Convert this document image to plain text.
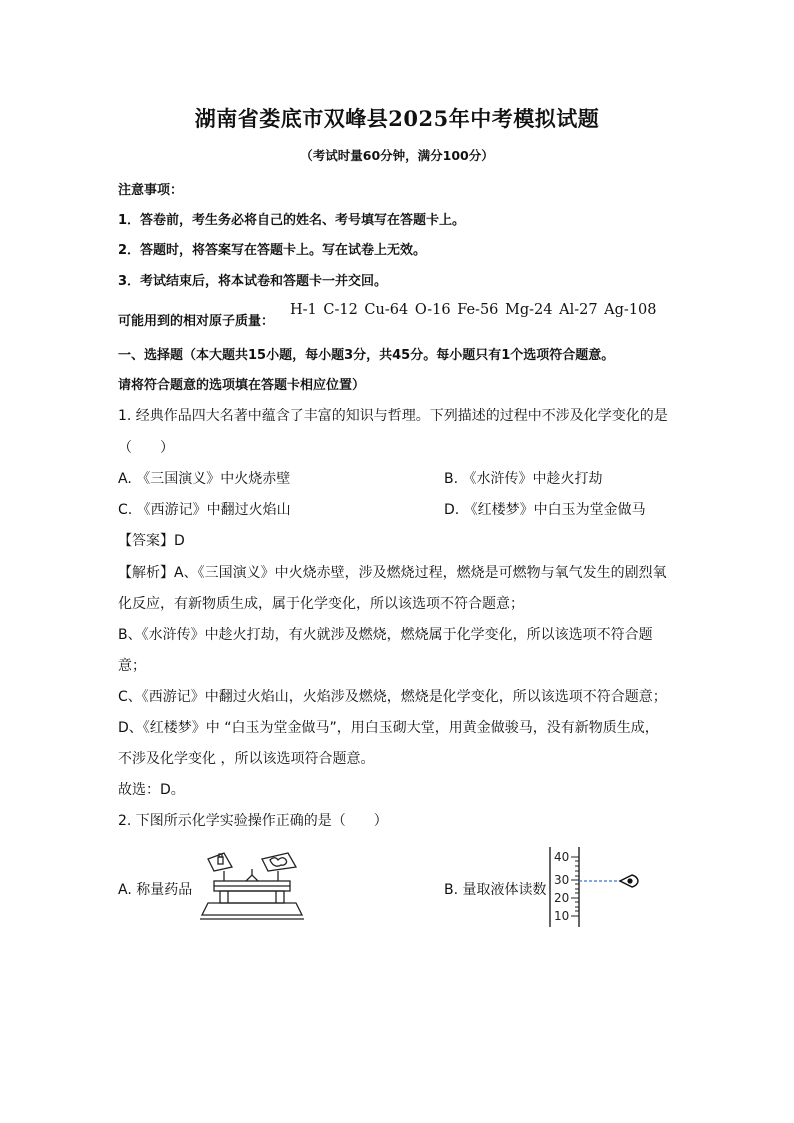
湖南省娄底市双峰县2025年中考模拟试题
（考试时量60分钟，满分100分）
注意事项：
1．答卷前，考生务必将自己的姓名、考号填写在答题卡上。
2．答题时，将答案写在答题卡上。写在试卷上无效。
3．考试结束后，将本试卷和答题卡一并交回。
可能用到的相对原子质量：
H-1 C-12 Cu-64 O-16 Fe-56 Mg-24 Al-27 Ag-108
一、选择题（本大题共15小题，每小题3分，共45分。每小题只有1个选项符合题意。
请将符合题意的选项填在答题卡相应位置）
1. 经典作品四大名著中蕴含了丰富的知识与哲理。下列描述的过程中不涉及化学变化的是
（　　）
A. 《三国演义》中火烧赤壁	B. 《水浒传》中趁火打劫
C. 《西游记》中翻过火焰山	D. 《红楼梦》中白玉为堂金做马
【答案】D
【解析】A、《三国演义》中火烧赤壁，涉及燃烧过程，燃烧是可燃物与氧气发生的剧烈氧
化反应，有新物质生成，属于化学变化，所以该选项不符合题意；
B、《水浒传》中趁火打劫，有火就涉及燃烧，燃烧属于化学变化，所以该选项不符合题
意；
C、《西游记》中翻过火焰山，火焰涉及燃烧，燃烧是化学变化，所以该选项不符合题意；
D、《红楼梦》中 “白玉为堂金做马”，用白玉砌大堂，用黄金做骏马，没有新物质生成，
不涉及化学变化 ，所以该选项符合题意。
故选：D。
2. 下图所示化学实验操作正确的是（　　）
A. 称量药品	B. 量取液体读数
40
30
20
10
